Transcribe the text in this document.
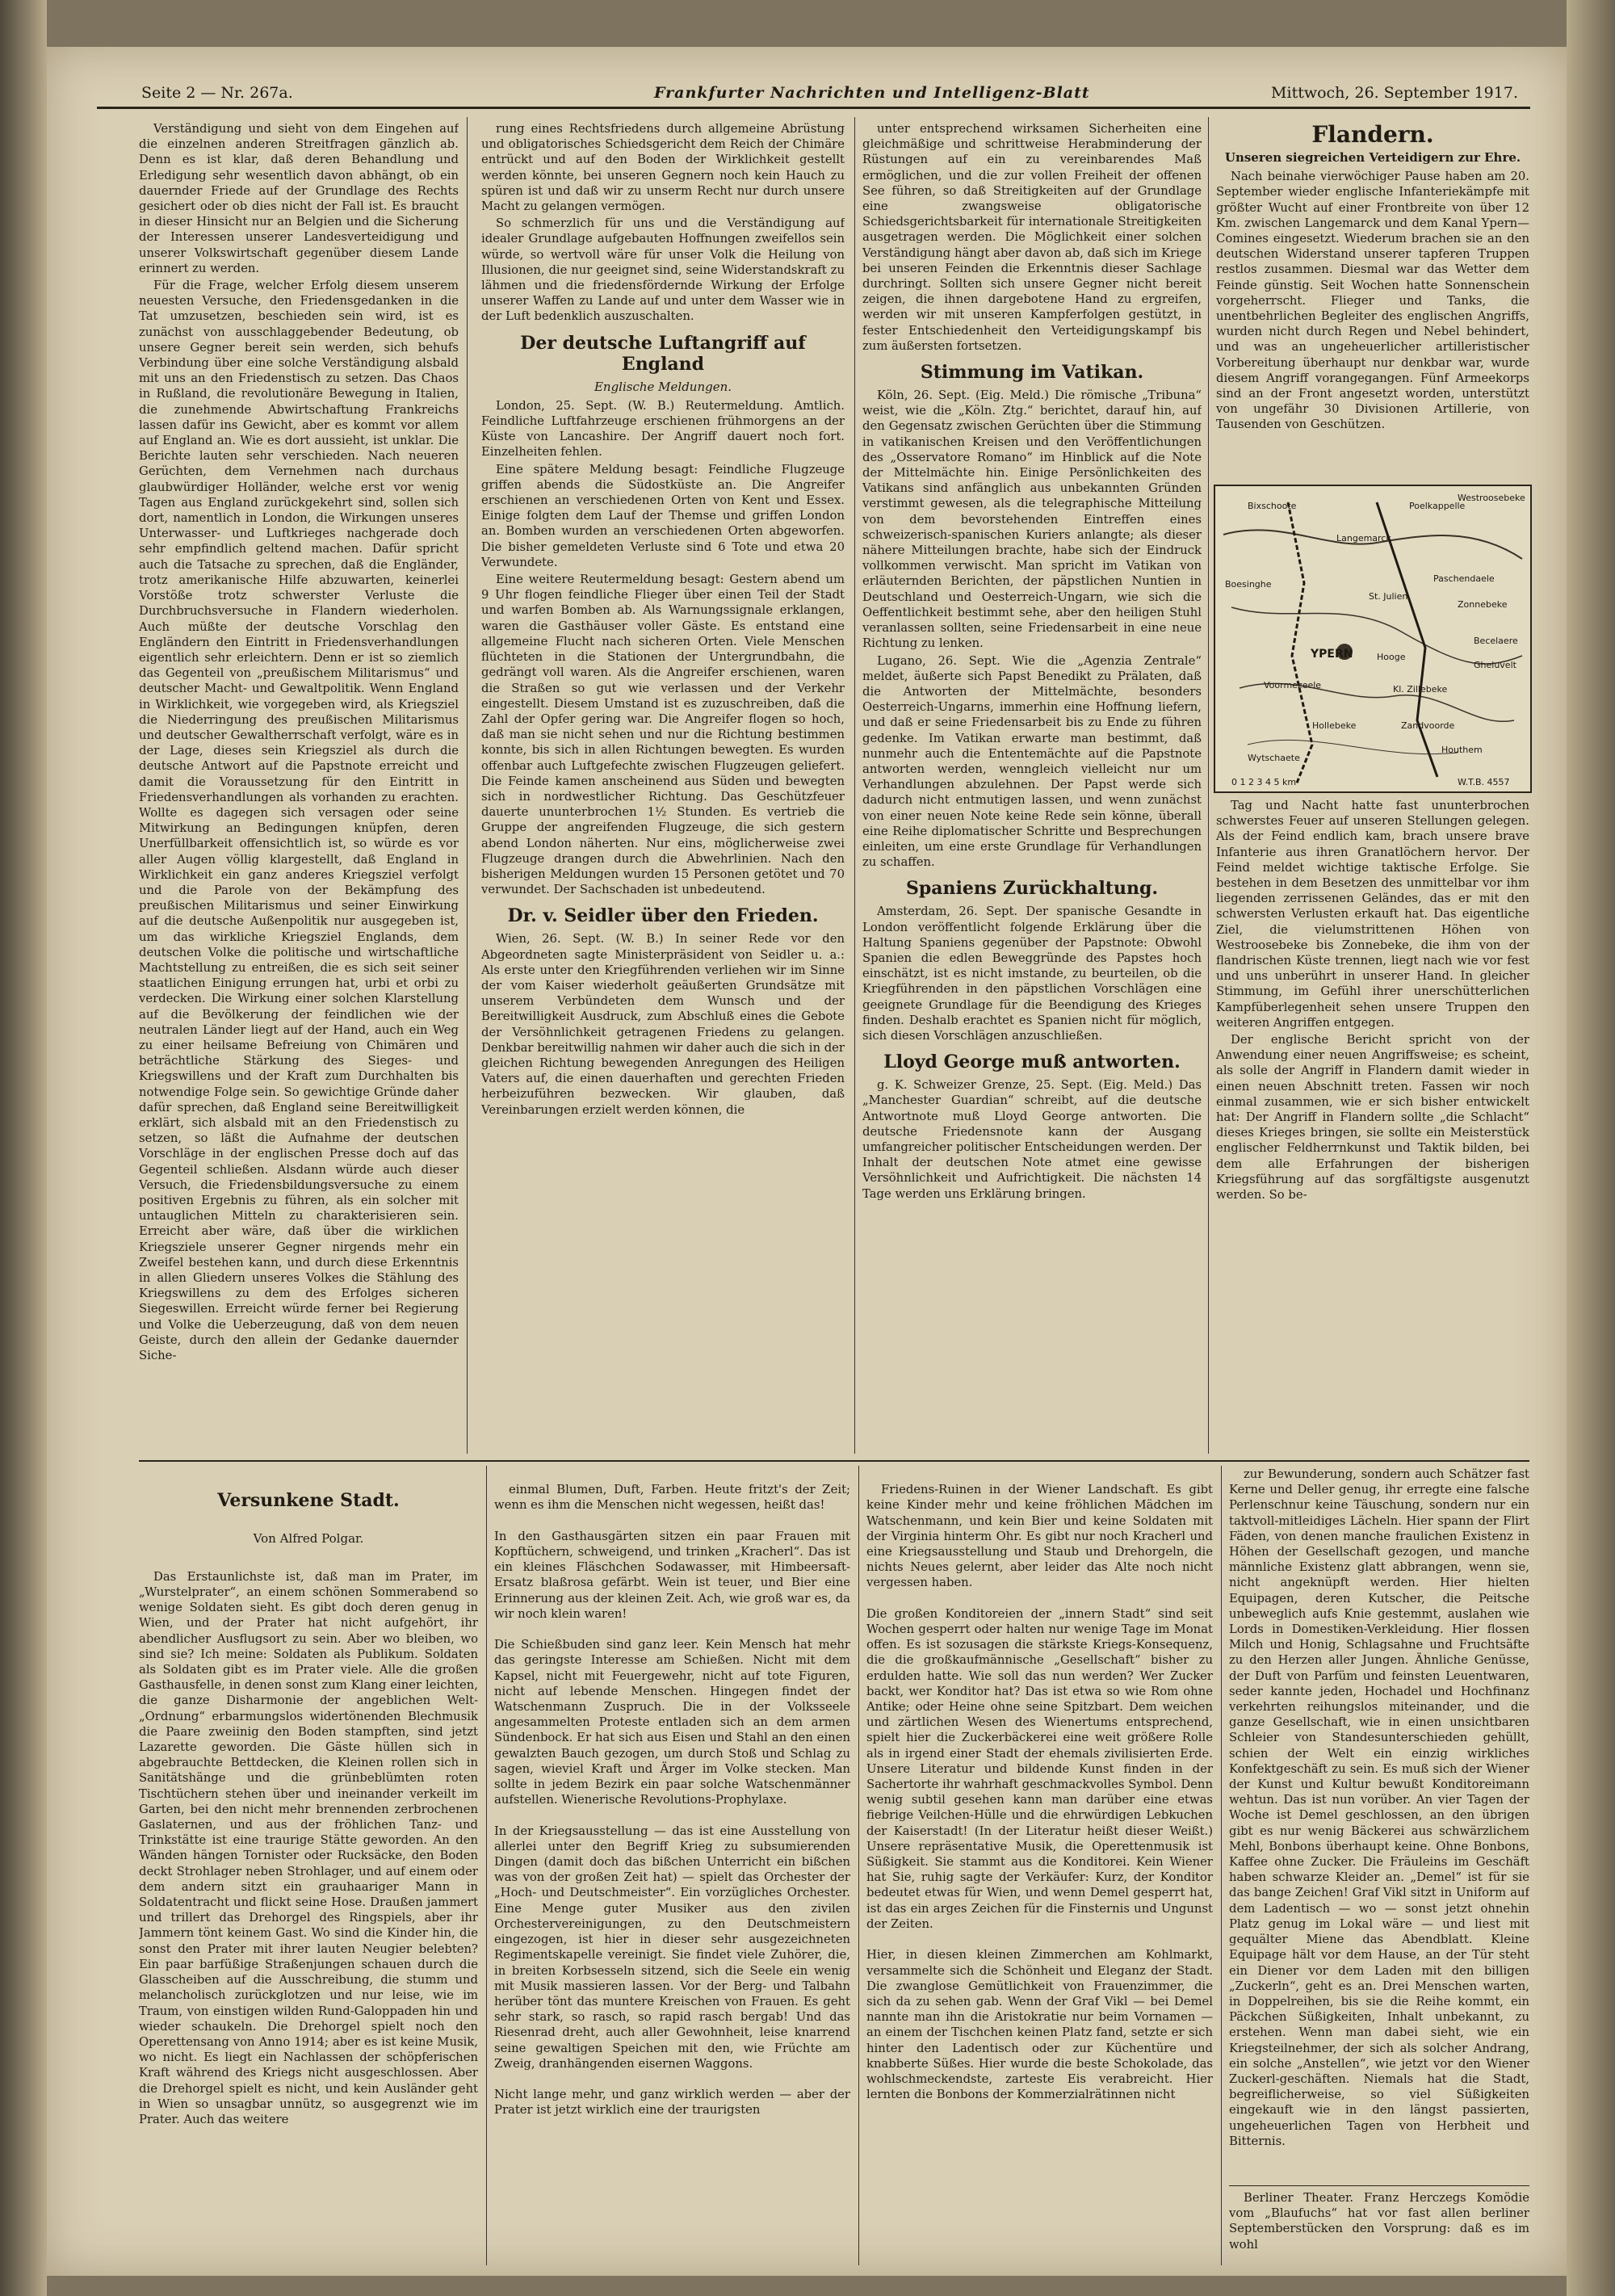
Seite 2 — Nr. 267a.	Frankfurter Nachrichten und Intelligenz-Blatt	Mittwoch, 26. September 1917.

Verständigung und sieht von dem Eingehen auf die einzelnen anderen Streitfragen gänzlich ab. Denn es ist klar, daß deren Behandlung und Erledigung sehr wesentlich davon abhängt, ob ein dauernder Friede auf der Grundlage des Rechts gesichert oder ob dies nicht der Fall ist. Es braucht in dieser Hinsicht nur an Belgien und die Sicherung der Interessen unserer Landesverteidigung und unserer Volkswirtschaft gegenüber diesem Lande erinnert zu werden.

Für die Frage, welcher Erfolg diesem unserem neuesten Versuche, den Friedensgedanken in die Tat umzusetzen, beschieden sein wird, ist es zunächst von ausschlaggebender Bedeutung, ob unsere Gegner bereit sein werden, sich behufs Verbindung über eine solche Verständigung alsbald mit uns an den Friedenstisch zu setzen. Das Chaos in Rußland, die revolutionäre Bewegung in Italien, die zunehmende Abwirtschaftung Frankreichs lassen dafür ins Gewicht, aber es kommt vor allem auf England an. Wie es dort aussieht, ist unklar. Die Berichte lauten sehr verschieden. Nach neueren Gerüchten, dem Vernehmen nach durchaus glaubwürdiger Holländer, welche erst vor wenig Tagen aus England zurückgekehrt sind, sollen sich dort, namentlich in London, die Wirkungen unseres Unterwasser- und Luftkrieges nachgerade doch sehr empfindlich geltend machen. Dafür spricht auch die Tatsache zu sprechen, daß die Engländer, trotz amerikanische Hilfe abzuwarten, keinerlei Vorstöße trotz schwerster Verluste die Durchbruchsversuche in Flandern wiederholen. Auch müßte der deutsche Vorschlag den Engländern den Eintritt in Friedensverhandlungen eigentlich sehr erleichtern. Denn er ist so ziemlich das Gegenteil von „preußischem Militarismus“ und deutscher Macht- und Gewaltpolitik. Wenn England in Wirklichkeit, wie vorgegeben wird, als Kriegsziel die Niederringung des preußischen Militarismus und deutscher Gewaltherrschaft verfolgt, wäre es in der Lage, dieses sein Kriegsziel als durch die deutsche Antwort auf die Papstnote erreicht und damit die Voraussetzung für den Eintritt in Friedensverhandlungen als vorhanden zu erachten. Wollte es dagegen sich versagen oder seine Mitwirkung an Bedingungen knüpfen, deren Unerfüllbarkeit offensichtlich ist, so würde es vor aller Augen völlig klargestellt, daß England in Wirklichkeit ein ganz anderes Kriegsziel verfolgt und die Parole von der Bekämpfung des preußischen Militarismus und seiner Einwirkung auf die deutsche Außenpolitik nur ausgegeben ist, um das wirkliche Kriegsziel Englands, dem deutschen Volke die politische und wirtschaftliche Machtstellung zu entreißen, die es sich seit seiner staatlichen Einigung errungen hat, urbi et orbi zu verdecken. Die Wirkung einer solchen Klarstellung auf die Bevölkerung der feindlichen wie der neutralen Länder liegt auf der Hand, auch ein Weg zu einer heilsame Befreiung von Chimären und beträchtliche Stärkung des Sieges- und Kriegswillens und der Kraft zum Durchhalten bis notwendige Folge sein. So gewichtige Gründe daher dafür sprechen, daß England seine Bereitwilligkeit erklärt, sich alsbald mit an den Friedenstisch zu setzen, so läßt die Aufnahme der deutschen Vorschläge in der englischen Presse doch auf das Gegenteil schließen. Alsdann würde auch dieser Versuch, die Friedensbildungsversuche zu einem positiven Ergebnis zu führen, als ein solcher mit untauglichen Mitteln zu charakterisieren sein. Erreicht aber wäre, daß über die wirklichen Kriegsziele unserer Gegner nirgends mehr ein Zweifel bestehen kann, und durch diese Erkenntnis in allen Gliedern unseres Volkes die Stählung des Kriegswillens zu dem des Erfolges sicheren Siegeswillen. Erreicht würde ferner bei Regierung und Volke die Ueberzeugung, daß von dem neuen Geiste, durch den allein der Gedanke dauernder Siche-

rung eines Rechtsfriedens durch allgemeine Abrüstung und obligatorisches Schiedsgericht dem Reich der Chimäre entrückt und auf den Boden der Wirklichkeit gestellt werden könnte, bei unseren Gegnern noch kein Hauch zu spüren ist und daß wir zu unserm Recht nur durch unsere Macht zu gelangen vermögen.

So schmerzlich für uns und die Verständigung auf idealer Grundlage aufgebauten Hoffnungen zweifellos sein würde, so wertvoll wäre für unser Volk die Heilung von Illusionen, die nur geeignet sind, seine Widerstandskraft zu lähmen und die friedensfördernde Wirkung der Erfolge unserer Waffen zu Lande auf und unter dem Wasser wie in der Luft bedenklich auszuschalten.

Der deutsche Luftangriff auf England
Englische Meldungen.

London, 25. Sept. (W. B.) Reutermeldung. Amtlich. Feindliche Luftfahrzeuge erschienen frühmorgens an der Küste von Lancashire. Der Angriff dauert noch fort. Einzelheiten fehlen.

Eine spätere Meldung besagt: Feindliche Flugzeuge griffen abends die Südostküste an. Die Angreifer erschienen an verschiedenen Orten von Kent und Essex. Einige folgten dem Lauf der Themse und griffen London an. Bomben wurden an verschiedenen Orten abgeworfen. Die bisher gemeldeten Verluste sind 6 Tote und etwa 20 Verwundete.

Eine weitere Reutermeldung besagt: Gestern abend um 9 Uhr flogen feindliche Flieger über einen Teil der Stadt und warfen Bomben ab. Als Warnungssignale erklangen, waren die Gasthäuser voller Gäste. Es entstand eine allgemeine Flucht nach sicheren Orten. Viele Menschen flüchteten in die Stationen der Untergrundbahn, die gedrängt voll waren. Als die Angreifer erschienen, waren die Straßen so gut wie verlassen und der Verkehr eingestellt. Diesem Umstand ist es zuzuschreiben, daß die Zahl der Opfer gering war. Die Angreifer flogen so hoch, daß man sie nicht sehen und nur die Richtung bestimmen konnte, bis sich in allen Richtungen bewegten. Es wurden offenbar auch Luftgefechte zwischen Flugzeugen geliefert. Die Feinde kamen anscheinend aus Süden und bewegten sich in nordwestlicher Richtung. Das Geschützfeuer dauerte ununterbrochen 1½ Stunden. Es vertrieb die Gruppe der angreifenden Flugzeuge, die sich gestern abend London näherten. Nur eins, möglicherweise zwei Flugzeuge drangen durch die Abwehrlinien. Nach den bisherigen Meldungen wurden 15 Personen getötet und 70 verwundet. Der Sachschaden ist unbedeutend.

Dr. v. Seidler über den Frieden.

Wien, 26. Sept. (W. B.) In seiner Rede vor den Abgeordneten sagte Ministerpräsident von Seidler u. a.: Als erste unter den Kriegführenden verliehen wir im Sinne der vom Kaiser wiederholt geäußerten Grundsätze mit unserem Verbündeten dem Wunsch und der Bereitwilligkeit Ausdruck, zum Abschluß eines die Gebote der Versöhnlichkeit getragenen Friedens zu gelangen. Denkbar bereitwillig nahmen wir daher auch die sich in der gleichen Richtung bewegenden Anregungen des Heiligen Vaters auf, die einen dauerhaften und gerechten Frieden herbeizuführen bezwecken. Wir glauben, daß Vereinbarungen erzielt werden können, die

unter entsprechend wirksamen Sicherheiten eine gleichmäßige und schrittweise Herabminderung der Rüstungen auf ein zu vereinbarendes Maß ermöglichen, und die zur vollen Freiheit der offenen See führen, so daß Streitigkeiten auf der Grundlage eine zwangsweise obligatorische Schiedsgerichtsbarkeit für internationale Streitigkeiten ausgetragen werden. Die Möglichkeit einer solchen Verständigung hängt aber davon ab, daß sich im Kriege bei unseren Feinden die Erkenntnis dieser Sachlage durchringt. Sollten sich unsere Gegner nicht bereit zeigen, die ihnen dargebotene Hand zu ergreifen, werden wir mit unseren Kampferfolgen gestützt, in fester Entschiedenheit den Verteidigungskampf bis zum äußersten fortsetzen.

Stimmung im Vatikan.

Köln, 26. Sept. (Eig. Meld.) Die römische „Tribuna“ weist, wie die „Köln. Ztg.“ berichtet, darauf hin, auf den Gegensatz zwischen Gerüchten über die Stimmung in vatikanischen Kreisen und den Veröffentlichungen des „Osservatore Romano“ im Hinblick auf die Note der Mittelmächte hin. Einige Persönlichkeiten des Vatikans sind anfänglich aus unbekannten Gründen verstimmt gewesen, als die telegraphische Mitteilung von dem bevorstehenden Eintreffen eines schweizerisch-spanischen Kuriers anlangte; als dieser nähere Mitteilungen brachte, habe sich der Eindruck vollkommen verwischt. Man spricht im Vatikan von erläuternden Berichten, der päpstlichen Nuntien in Deutschland und Oesterreich-Ungarn, wie sich die Oeffentlichkeit bestimmt sehe, aber den heiligen Stuhl veranlassen sollten, seine Friedensarbeit in eine neue Richtung zu lenken.

Lugano, 26. Sept. Wie die „Agenzia Zentrale“ meldet, äußerte sich Papst Benedikt zu Prälaten, daß die Antworten der Mittelmächte, besonders Oesterreich-Ungarns, immerhin eine Hoffnung liefern, und daß er seine Friedensarbeit bis zu Ende zu führen gedenke. Im Vatikan erwarte man bestimmt, daß nunmehr auch die Ententemächte auf die Papstnote antworten werden, wenngleich vielleicht nur um Verhandlungen abzulehnen. Der Papst werde sich dadurch nicht entmutigen lassen, und wenn zunächst von einer neuen Note keine Rede sein könne, überall eine Reihe diplomatischer Schritte und Besprechungen einleiten, um eine erste Grundlage für Verhandlungen zu schaffen.

Spaniens Zurückhaltung.

Amsterdam, 26. Sept. Der spanische Gesandte in London veröffentlicht folgende Erklärung über die Haltung Spaniens gegenüber der Papstnote: Obwohl Spanien die edlen Beweggründe des Papstes hoch einschätzt, ist es nicht imstande, zu beurteilen, ob die Kriegführenden in den päpstlichen Vorschlägen eine geeignete Grundlage für die Beendigung des Krieges finden. Deshalb erachtet es Spanien nicht für möglich, sich diesen Vorschlägen anzuschließen.

Lloyd George muß antworten.

g. K. Schweizer Grenze, 25. Sept. (Eig. Meld.) Das „Manchester Guardian“ schreibt, auf die deutsche Antwortnote muß Lloyd George antworten. Die deutsche Friedensnote kann der Ausgang umfangreicher politischer Entscheidungen werden. Der Inhalt der deutschen Note atmet eine gewisse Versöhnlichkeit und Aufrichtigkeit. Die nächsten 14 Tage werden uns Erklärung bringen.

Flandern.
Unseren siegreichen Verteidigern zur Ehre.

Nach beinahe vierwöchiger Pause haben am 20. September wieder englische Infanteriekämpfe mit größter Wucht auf einer Frontbreite von über 12 Km. zwischen Langemarck und dem Kanal Ypern—Comines eingesetzt. Wiederum brachen sie an den deutschen Widerstand unserer tapferen Truppen restlos zusammen. Diesmal war das Wetter dem Feinde günstig. Seit Wochen hatte Sonnenschein vorgeherrscht. Flieger und Tanks, die unentbehrlichen Begleiter des englischen Angriffs, wurden nicht durch Regen und Nebel behindert, und was an ungeheuerlicher artilleristischer Vorbereitung überhaupt nur denkbar war, wurde diesem Angriff vorangegangen. Fünf Armeekorps sind an der Front angesetzt worden, unterstützt von ungefähr 30 Divisionen Artillerie, von Tausenden von Geschützen.

Poelkappelle
Westroosebeke
Langemarck
Boesinghe
Paschendaele
Zonnebeke
YPERN
Becelaere
Gheluvelt
Zandvoorde
Hollebeke
Wytschaete
Hooge
Voormezeele
Houthem
Bixschoote
St. Julien
Kl. Zillebeke
0 1 2 3 4 5 km	W.T.B. 4557

Tag und Nacht hatte fast ununterbrochen schwerstes Feuer auf unseren Stellungen gelegen. Als der Feind endlich kam, brach unsere brave Infanterie aus ihren Granatlöchern hervor. Der Feind meldet wichtige taktische Erfolge. Sie bestehen in dem Besetzen des unmittelbar vor ihm liegenden zerrissenen Geländes, das er mit den schwersten Verlusten erkauft hat. Das eigentliche Ziel, die vielumstrittenen Höhen von Westroosebeke bis Zonnebeke, die ihm von der flandrischen Küste trennen, liegt nach wie vor fest und uns unberührt in unserer Hand. In gleicher Stimmung, im Gefühl ihrer unerschütterlichen Kampfüberlegenheit sehen unsere Truppen den weiteren Angriffen entgegen.

Der englische Bericht spricht von der Anwendung einer neuen Angriffsweise; es scheint, als solle der Angriff in Flandern damit wieder in einen neuen Abschnitt treten. Fassen wir noch einmal zusammen, wie er sich bisher entwickelt hat: Der Angriff in Flandern sollte „die Schlacht“ dieses Krieges bringen, sie sollte ein Meisterstück englischer Feldherrnkunst und Taktik bilden, bei dem alle Erfahrungen der bisherigen Kriegsführung auf das sorgfältigste ausgenutzt werden. So be-

Versunkene Stadt.

Von Alfred Polgar.

Das Erstaunlichste ist, daß man im Prater, im „Wurstelprater“, an einem schönen Sommerabend so wenige Soldaten sieht. Es gibt doch deren genug in Wien, und der Prater hat nicht aufgehört, ihr abendlicher Ausflugsort zu sein. Aber wo bleiben, wo sind sie? Ich meine: Soldaten als Publikum. Soldaten als Soldaten gibt es im Prater viele. Alle die großen Gasthausfelle, in denen sonst zum Klang einer leichten, die ganze Disharmonie der angeblichen Welt-„Ordnung“ erbarmungslos widertönenden Blechmusik die Paare zweiinig den Boden stampften, sind jetzt Lazarette geworden. Die Gäste hüllen sich in abgebrauchte Bettdecken, die Kleinen rollen sich in Sanitätshänge und die grünbeblümten roten Tischtüchern stehen über und ineinander verkeilt im Garten, bei den nicht mehr brennenden zerbrochenen Gaslaternen, und aus der fröhlichen Tanz- und Trinkstätte ist eine traurige Stätte geworden. An den Wänden hängen Tornister oder Rucksäcke, den Boden deckt Strohlager neben Strohlager, und auf einem oder dem andern sitzt ein grauhaariger Mann in Soldatentracht und flickt seine Hose. Draußen jammert und trillert das Drehorgel des Ringspiels, aber ihr Jammern tönt keinem Gast. Wo sind die Kinder hin, die sonst den Prater mit ihrer lauten Neugier belebten? Ein paar barfüßige Straßenjungen schauen durch die Glasscheiben auf die Ausschreibung, die stumm und melancholisch zurückglotzen und nur leise, wie im Traum, von einstigen wilden Rund-Galoppaden hin und wieder schaukeln. Die Drehorgel spielt noch den Operettensang von Anno 1914; aber es ist keine Musik, wo nicht. Es liegt ein Nachlassen der schöpferischen Kraft während des Kriegs nicht ausgeschlossen. Aber die Drehorgel spielt es nicht, und kein Ausländer geht in Wien so unsagbar unnütz, so ausgegrenzt wie im Prater. Auch das weitere

einmal Blumen, Duft, Farben. Heute fritzt's der Zeit; wenn es ihm die Menschen nicht wegessen, heißt das!

In den Gasthausgärten sitzen ein paar Frauen mit Kopftüchern, schweigend, und trinken „Kracherl“. Das ist ein kleines Fläschchen Sodawasser, mit Himbeersaft-Ersatz blaßrosa gefärbt. Wein ist teuer, und Bier eine Erinnerung aus der kleinen Zeit. Ach, wie groß war es, da wir noch klein waren!

Die Schießbuden sind ganz leer. Kein Mensch hat mehr das geringste Interesse am Schießen. Nicht mit dem Kapsel, nicht mit Feuergewehr, nicht auf tote Figuren, nicht auf lebende Menschen. Hingegen findet der Watschenmann Zuspruch. Die in der Volksseele angesammelten Proteste entladen sich an dem armen Sündenbock. Er hat sich aus Eisen und Stahl an den einen gewalzten Bauch gezogen, um durch Stoß und Schlag zu sagen, wieviel Kraft und Ärger im Volke stecken. Man sollte in jedem Bezirk ein paar solche Watschenmänner aufstellen. Wienerische Revolutions-Prophylaxe.

In der Kriegsausstellung — das ist eine Ausstellung von allerlei unter den Begriff Krieg zu subsumierenden Dingen (damit doch das bißchen Unterricht ein bißchen was von der großen Zeit hat) — spielt das Orchester der „Hoch- und Deutschmeister“. Ein vorzügliches Orchester. Eine Menge guter Musiker aus den zivilen Orchestervereinigungen, zu den Deutschmeistern eingezogen, ist hier in dieser sehr ausgezeichneten Regimentskapelle vereinigt. Sie findet viele Zuhörer, die, in breiten Korbsesseln sitzend, sich die Seele ein wenig mit Musik massieren lassen. Vor der Berg- und Talbahn herüber tönt das muntere Kreischen von Frauen. Es geht sehr stark, so rasch, so rapid rasch bergab! Und das Riesenrad dreht, auch aller Gewohnheit, leise knarrend seine gewaltigen Speichen mit den, wie Früchte am Zweig, dranhängenden eisernen Waggons.

Nicht lange mehr, und ganz wirklich werden — aber der Prater ist jetzt wirklich eine der traurigsten

Friedens-Ruinen in der Wiener Landschaft. Es gibt keine Kinder mehr und keine fröhlichen Mädchen im Watschenmann, und kein Bier und keine Soldaten mit der Virginia hinterm Ohr. Es gibt nur noch Kracherl und eine Kriegsausstellung und Staub und Drehorgeln, die nichts Neues gelernt, aber leider das Alte noch nicht vergessen haben.

Die großen Konditoreien der „innern Stadt“ sind seit Wochen gesperrt oder halten nur wenige Tage im Monat offen. Es ist sozusagen die stärkste Kriegs-Konsequenz, die die großkaufmännische „Gesellschaft“ bisher zu erdulden hatte. Wie soll das nun werden? Wer Zucker backt, wer Konditor hat? Das ist etwa so wie Rom ohne Antike; oder Heine ohne seine Spitzbart. Dem weichen und zärtlichen Wesen des Wienertums entsprechend, spielt hier die Zuckerbäckerei eine weit größere Rolle als in irgend einer Stadt der ehemals zivilisierten Erde. Unsere Literatur und bildende Kunst finden in der Sachertorte ihr wahrhaft geschmackvolles Symbol. Denn wenig subtil gesehen kann man darüber eine etwas fiebrige Veilchen-Hülle und die ehrwürdigen Lebkuchen der Kaiserstadt! (In der Literatur heißt dieser Weißt.) Unsere repräsentative Musik, die Operettenmusik ist Süßigkeit. Sie stammt aus die Konditorei. Kein Wiener hat Sie, ruhig sagte der Verkäufer: Kurz, der Konditor bedeutet etwas für Wien, und wenn Demel gesperrt hat, ist das ein arges Zeichen für die Finsternis und Ungunst der Zeiten.

Hier, in diesen kleinen Zimmerchen am Kohlmarkt, versammelte sich die Schönheit und Eleganz der Stadt. Die zwanglose Gemütlichkeit von Frauenzimmer, die sich da zu sehen gab. Wenn der Graf Vikl — bei Demel nannte man ihn die Aristokratie nur beim Vornamen — an einem der Tischchen keinen Platz fand, setzte er sich hinter den Ladentisch oder zur Küchentüre und knabberte Süßes. Hier wurde die beste Schokolade, das wohlschmeckendste, zarteste Eis verabreicht. Hier lernten die Bonbons der Kommerzialrätinnen nicht

zur Bewunderung, sondern auch Schätzer fast Kerne und Deller genug, ihr erregte eine falsche Perlenschnur keine Täuschung, sondern nur ein taktvoll-mitleidiges Lächeln. Hier spann der Flirt Fäden, von denen manche fraulichen Existenz in Höhen der Gesellschaft gezogen, und manche männliche Existenz glatt abbrangen, wenn sie, nicht angeknüpft werden. Hier hielten Equipagen, deren Kutscher, die Peitsche unbeweglich aufs Knie gestemmt, auslahen wie Lords in Domestiken-Verkleidung. Hier flossen Milch und Honig, Schlagsahne und Fruchtsäfte zu den Herzen aller Jungen. Ähnliche Genüsse, der Duft von Parfüm und feinsten Leuentwaren, seder kannte jeden, Hochadel und Hochfinanz verkehrten reihungslos miteinander, und die ganze Gesellschaft, wie in einen unsichtbaren Schleier von Standesunterschieden gehüllt, schien der Welt ein einzig wirkliches Konfektgeschäft zu sein. Es muß sich der Wiener der Kunst und Kultur bewußt Konditoreimann wehtun. Das ist nun vorüber. An vier Tagen der Woche ist Demel geschlossen, an den übrigen gibt es nur wenig Bäckerei aus schwärzlichem Mehl, Bonbons überhaupt keine. Ohne Bonbons, Kaffee ohne Zucker. Die Fräuleins im Geschäft haben schwarze Kleider an. „Demel“ ist für sie das bange Zeichen! Graf Vikl sitzt in Uniform auf dem Ladentisch — wo — sonst jetzt ohnehin Platz genug im Lokal wäre — und liest mit gequälter Miene das Abendblatt. Kleine Equipage hält vor dem Hause, an der Tür steht ein Diener vor dem Laden mit den billigen „Zuckerln“, geht es an. Drei Menschen warten, in Doppelreihen, bis sie die Reihe kommt, ein Päckchen Süßigkeiten, Inhalt unbekannt, zu erstehen. Wenn man dabei sieht, wie ein Kriegsteilnehmer, der sich als solcher Andrang, ein solche „Anstellen“, wie jetzt vor den Wiener Zuckerl-geschäften. Niemals hat die Stadt, begreiflicherweise, so viel Süßigkeiten eingekauft wie in den längst passierten, ungeheuerlichen Tagen von Herbheit und Bitternis.

Berliner Theater. Franz Herczegs Komödie vom „Blaufuchs“ hat vor fast allen berliner Septemberstücken den Vorsprung: daß es im wohl
